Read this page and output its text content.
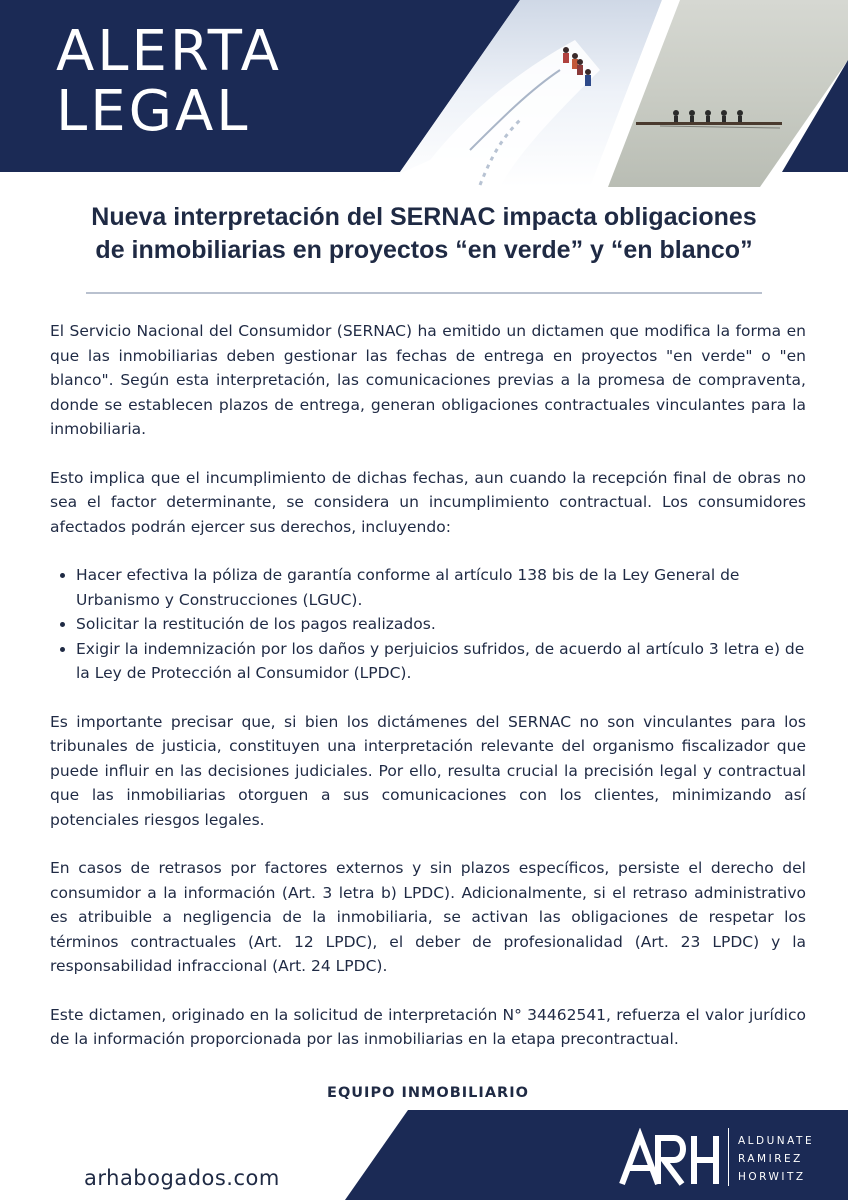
ALERTA
LEGAL
Nueva interpretación del SERNAC impacta obligaciones
de inmobiliarias en proyectos “en verde” y “en blanco”

El Servicio Nacional del Consumidor (SERNAC) ha emitido un dictamen que modifica la forma en que las inmobiliarias deben gestionar las fechas de entrega en proyectos "en verde" o "en blanco". Según esta interpretación, las comunicaciones previas a la promesa de compraventa, donde se establecen plazos de entrega, generan obligaciones contractuales vinculantes para la inmobiliaria.

Esto implica que el incumplimiento de dichas fechas, aun cuando la recepción final de obras no sea el factor determinante, se considera un incumplimiento contractual. Los consumidores afectados podrán ejercer sus derechos, incluyendo:

• Hacer efectiva la póliza de garantía conforme al artículo 138 bis de la Ley General de Urbanismo y Construcciones (LGUC).
• Solicitar la restitución de los pagos realizados.
• Exigir la indemnización por los daños y perjuicios sufridos, de acuerdo al artículo 3 letra e) de la Ley de Protección al Consumidor (LPDC).

Es importante precisar que, si bien los dictámenes del SERNAC no son vinculantes para los tribunales de justicia, constituyen una interpretación relevante del organismo fiscalizador que puede influir en las decisiones judiciales. Por ello, resulta crucial la precisión legal y contractual que las inmobiliarias otorguen a sus comunicaciones con los clientes, minimizando así potenciales riesgos legales.

En casos de retrasos por factores externos y sin plazos específicos, persiste el derecho del consumidor a la información (Art. 3 letra b) LPDC). Adicionalmente, si el retraso administrativo es atribuible a negligencia de la inmobiliaria, se activan las obligaciones de respetar los términos contractuales (Art. 12 LPDC), el deber de profesionalidad (Art. 23 LPDC) y la responsabilidad infraccional (Art. 24 LPDC).

Este dictamen, originado en la solicitud de interpretación N° 34462541, refuerza el valor jurídico de la información proporcionada por las inmobiliarias en la etapa precontractual.

EQUIPO INMOBILIARIO
arhabogados.com
ALDUNATE
RAMIREZ
HORWITZ
